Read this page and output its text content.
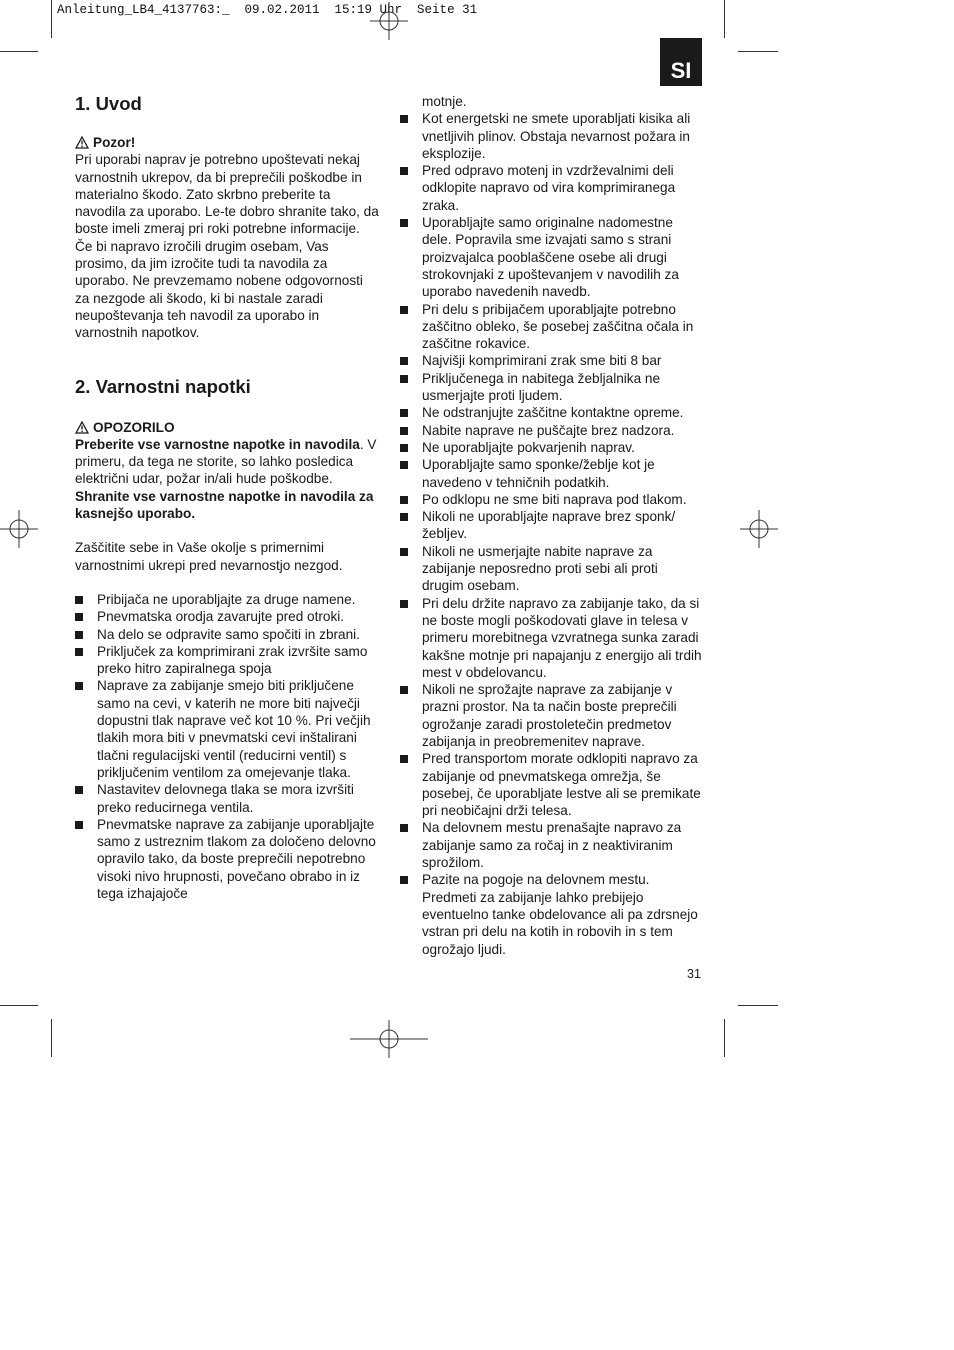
Anleitung_LB4_4137763:_  09.02.2011  15:19 Uhr  Seite 31
SI
1. Uvod
Pozor!

Pri uporabi naprav je potrebno upoštevati nekaj varnostnih ukrepov, da bi preprečili poškodbe in materialno škodo. Zato skrbno preberite ta navodila za uporabo. Le-te dobro shranite tako, da boste imeli zmeraj pri roki potrebne informacije. Če bi napravo izročili drugim osebam, Vas prosimo, da jim izročite tudi ta navodila za uporabo. Ne prevzemamo nobene odgovornosti za nezgode ali škodo, ki bi nastale zaradi neupoštevanja teh navodil za uporabo in varnostnih napotkov.

2. Varnostni napotki
OPOZORILO

Preberite vse varnostne napotke in navodila. V primeru, da tega ne storite, so lahko posledica električni udar, požar in/ali hude poškodbe.

Shranite vse varnostne napotke in navodila za kasnejšo uporabo.

Zaščitite sebe in Vaše okolje s primernimi varnostnimi ukrepi pred nevarnostjo nezgod.

Pribijača ne uporabljajte za druge namene.
Pnevmatska orodja zavarujte pred otroki.
Na delo se odpravite samo spočiti in zbrani.
Priključek za komprimirani zrak izvršite samo preko hitro zapiralnega spoja
Naprave za zabijanje smejo biti priključene samo na cevi, v katerih ne more biti največji dopustni tlak naprave več kot 10 %. Pri večjih tlakih mora biti v pnevmatski cevi inštalirani tlačni regulacijski ventil (reducirni ventil) s priključenim ventilom za omejevanje tlaka.
Nastavitev delovnega tlaka se mora izvršiti preko reducirnega ventila.
Pnevmatske naprave za zabijanje uporabljajte samo z ustreznim tlakom za določeno delovno opravilo tako, da boste preprečili nepotrebno visoki nivo hrupnosti, povečano obrabo in iz tega izhajajoče

motnje.

Kot energetski ne smete uporabljati kisika ali vnetljivih plinov. Obstaja nevarnost požara in eksplozije.
Pred odpravo motenj in vzdrževalnimi deli odklopite napravo od vira komprimiranega zraka.
Uporabljajte samo originalne nadomestne dele. Popravila sme izvajati samo s strani proizvajalca pooblaščene osebe ali drugi strokovnjaki z upoštevanjem v navodilih za uporabo navedenih navedb.
Pri delu s pribijačem uporabljajte potrebno zaščitno obleko, še posebej zaščitna očala in zaščitne rokavice.
Najvišji komprimirani zrak sme biti 8 bar
Priključenega in nabitega žebljalnika ne usmerjajte proti ljudem.
Ne odstranjujte zaščitne kontaktne opreme.
Nabite naprave ne puščajte brez nadzora.
Ne uporabljajte pokvarjenih naprav.
Uporabljajte samo sponke/žeblje kot je navedeno v tehničnih podatkih.
Po odklopu ne sme biti naprava pod tlakom.
Nikoli ne uporabljajte naprave brez sponk/žebljev.
Nikoli ne usmerjajte nabite naprave za zabijanje neposredno proti sebi ali proti drugim osebam.
Pri delu držite napravo za zabijanje tako, da si ne boste mogli poškodovati glave in telesa v primeru morebitnega vzvratnega sunka zaradi kakšne motnje pri napajanju z energijo ali trdih mest v obdelovancu.
Nikoli ne sprožajte naprave za zabijanje v prazni prostor. Na ta način boste preprečili ogrožanje zaradi prostoletečin predmetov zabijanja in preobremenitev naprave.
Pred transportom morate odklopiti napravo za zabijanje od pnevmatskega omrežja, še posebej, če uporabljate lestve ali se premikate pri neobičajni drži telesa.
Na delovnem mestu prenašajte napravo za zabijanje samo za ročaj in z neaktiviranim sprožilom.
Pazite na pogoje na delovnem mestu. Predmeti za zabijanje lahko prebijejo eventuelno tanke obdelovance ali pa zdrsnejo vstran pri delu na kotih in robovih in s tem ogrožajo ljudi.
31
